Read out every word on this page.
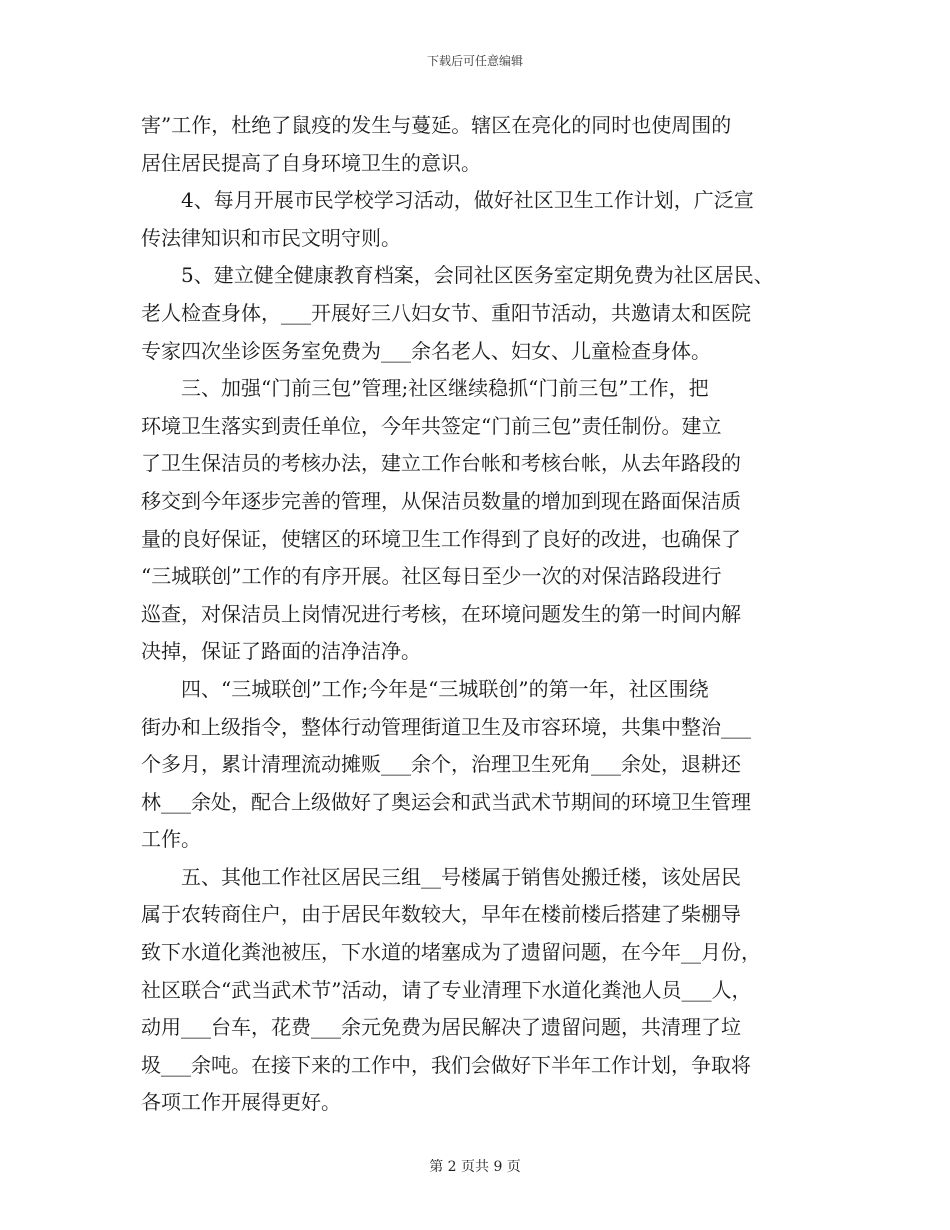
下载后可任意编辑
害”工作，杜绝了鼠疫的发生与蔓延。辖区在亮化的同时也使周围的
居住居民提高了自身环境卫生的意识。
4、每月开展市民学校学习活动，做好社区卫生工作计划，广泛宣
传法律知识和市民文明守则。
5、建立健全健康教育档案，会同社区医务室定期免费为社区居民、
老人检查身体，___开展好三八妇女节、重阳节活动，共邀请太和医院
专家四次坐诊医务室免费为___余名老人、妇女、儿童检查身体。
三、加强“门前三包”管理;社区继续稳抓“门前三包”工作，把
环境卫生落实到责任单位，今年共签定“门前三包”责任制份。建立
了卫生保洁员的考核办法，建立工作台帐和考核台帐，从去年路段的
移交到今年逐步完善的管理，从保洁员数量的增加到现在路面保洁质
量的良好保证，使辖区的环境卫生工作得到了良好的改进，也确保了
“三城联创”工作的有序开展。社区每日至少一次的对保洁路段进行
巡查，对保洁员上岗情况进行考核，在环境问题发生的第一时间内解
决掉，保证了路面的洁净洁净。
四、“三城联创”工作;今年是“三城联创”的第一年，社区围绕
街办和上级指令，整体行动管理街道卫生及市容环境，共集中整治___
个多月，累计清理流动摊贩___余个，治理卫生死角___余处，退耕还
林___余处，配合上级做好了奥运会和武当武术节期间的环境卫生管理
工作。
五、其他工作社区居民三组__号楼属于销售处搬迁楼，该处居民
属于农转商住户，由于居民年数较大，早年在楼前楼后搭建了柴棚导
致下水道化粪池被压，下水道的堵塞成为了遗留问题，在今年__月份，
社区联合“武当武术节”活动，请了专业清理下水道化粪池人员___人，
动用___台车，花费___余元免费为居民解决了遗留问题，共清理了垃
圾___余吨。在接下来的工作中，我们会做好下半年工作计划，争取将
各项工作开展得更好。
第 2 页共 9 页
